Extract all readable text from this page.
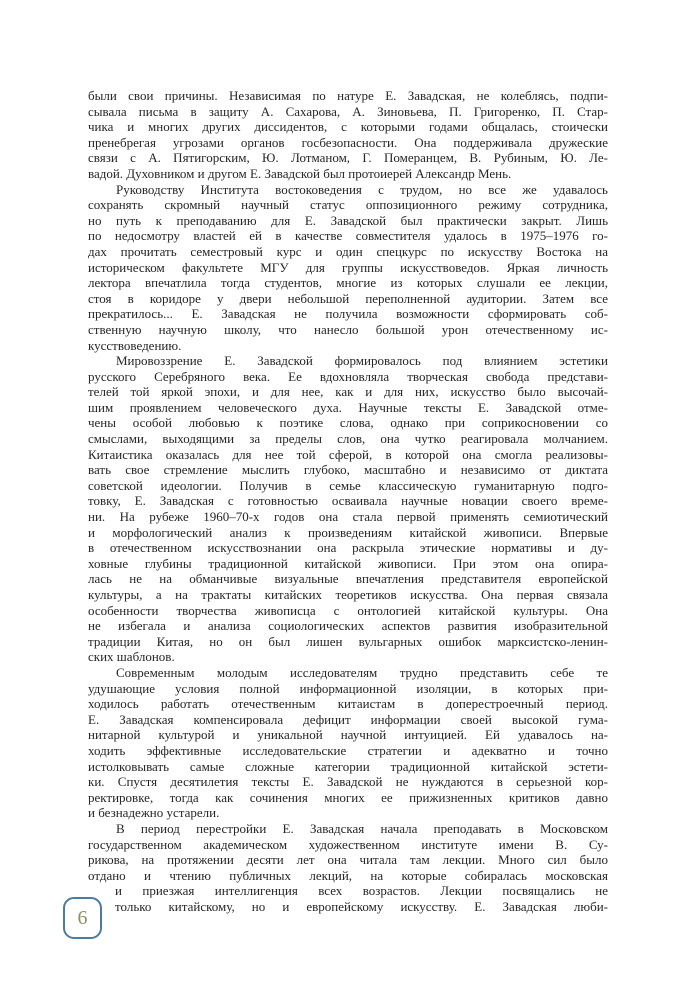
были свои причины. Независимая по натуре Е. Завадская, не колеблясь, подпи-
сывала письма в защиту А. Сахарова, А. Зиновьева, П. Григоренко, П. Стар-
чика и многих других диссидентов, с которыми годами общалась, стоически
пренебрегая угрозами органов госбезопасности. Она поддерживала дружеские
связи с А. Пятигорским, Ю. Лотманом, Г. Померанцем, В. Рубиным, Ю. Ле-
вадой. Духовником и другом Е. Завадской был протоиерей Александр Мень.
Руководству Института востоковедения с трудом, но все же удавалось
сохранять скромный научный статус оппозиционного режиму сотрудника,
но путь к преподаванию для Е. Завадской был практически закрыт. Лишь
по недосмотру властей ей в качестве совместителя удалось в 1975–1976 го-
дах прочитать семестровый курс и один спецкурс по искусству Востока на
историческом факультете МГУ для группы искусствоведов. Яркая личность
лектора впечатлила тогда студентов, многие из которых слушали ее лекции,
стоя в коридоре у двери небольшой переполненной аудитории. Затем все
прекратилось... Е. Завадская не получила возможности сформировать соб-
ственную научную школу, что нанесло большой урон отечественному ис-
кусствоведению.
Мировоззрение Е. Завадской формировалось под влиянием эстетики
русского Серебряного века. Ее вдохновляла творческая свобода представи-
телей той яркой эпохи, и для нее, как и для них, искусство было высочай-
шим проявлением человеческого духа. Научные тексты Е. Завадской отме-
чены особой любовью к поэтике слова, однако при соприкосновении со
смыслами, выходящими за пределы слов, она чутко реагировала молчанием.
Китаистика оказалась для нее той сферой, в которой она смогла реализовы-
вать свое стремление мыслить глубоко, масштабно и независимо от диктата
советской идеологии. Получив в семье классическую гуманитарную подго-
товку, Е. Завадская с готовностью осваивала научные новации своего време-
ни. На рубеже 1960–70-х годов она стала первой применять семиотический
и морфологический анализ к произведениям китайской живописи. Впервые
в отечественном искусствознании она раскрыла этические нормативы и ду-
ховные глубины традиционной китайской живописи. При этом она опира-
лась не на обманчивые визуальные впечатления представителя европейской
культуры, а на трактаты китайских теоретиков искусства. Она первая связала
особенности творчества живописца с онтологией китайской культуры. Она
не избегала и анализа социологических аспектов развития изобразительной
традиции Китая, но он был лишен вульгарных ошибок марксистско-ленин-
ских шаблонов.
Современным молодым исследователям трудно представить себе те
удушающие условия полной информационной изоляции, в которых при-
ходилось работать отечественным китаистам в доперестроечный период.
Е. Завадская компенсировала дефицит информации своей высокой гума-
нитарной культурой и уникальной научной интуицией. Ей удавалось на-
ходить эффективные исследовательские стратегии и адекватно и точно
истолковывать самые сложные категории традиционной китайской эстети-
ки. Спустя десятилетия тексты Е. Завадской не нуждаются в серьезной кор-
ректировке, тогда как сочинения многих ее прижизненных критиков давно
и безнадежно устарели.
В период перестройки Е. Завадская начала преподавать в Московском
государственном академическом художественном институте имени В. Су-
рикова, на протяжении десяти лет она читала там лекции. Много сил было
отдано и чтению публичных лекций, на которые собиралась московская
и приезжая интеллигенция всех возрастов. Лекции посвящались не
только китайскому, но и европейскому искусству. Е. Завадская люби-
6
